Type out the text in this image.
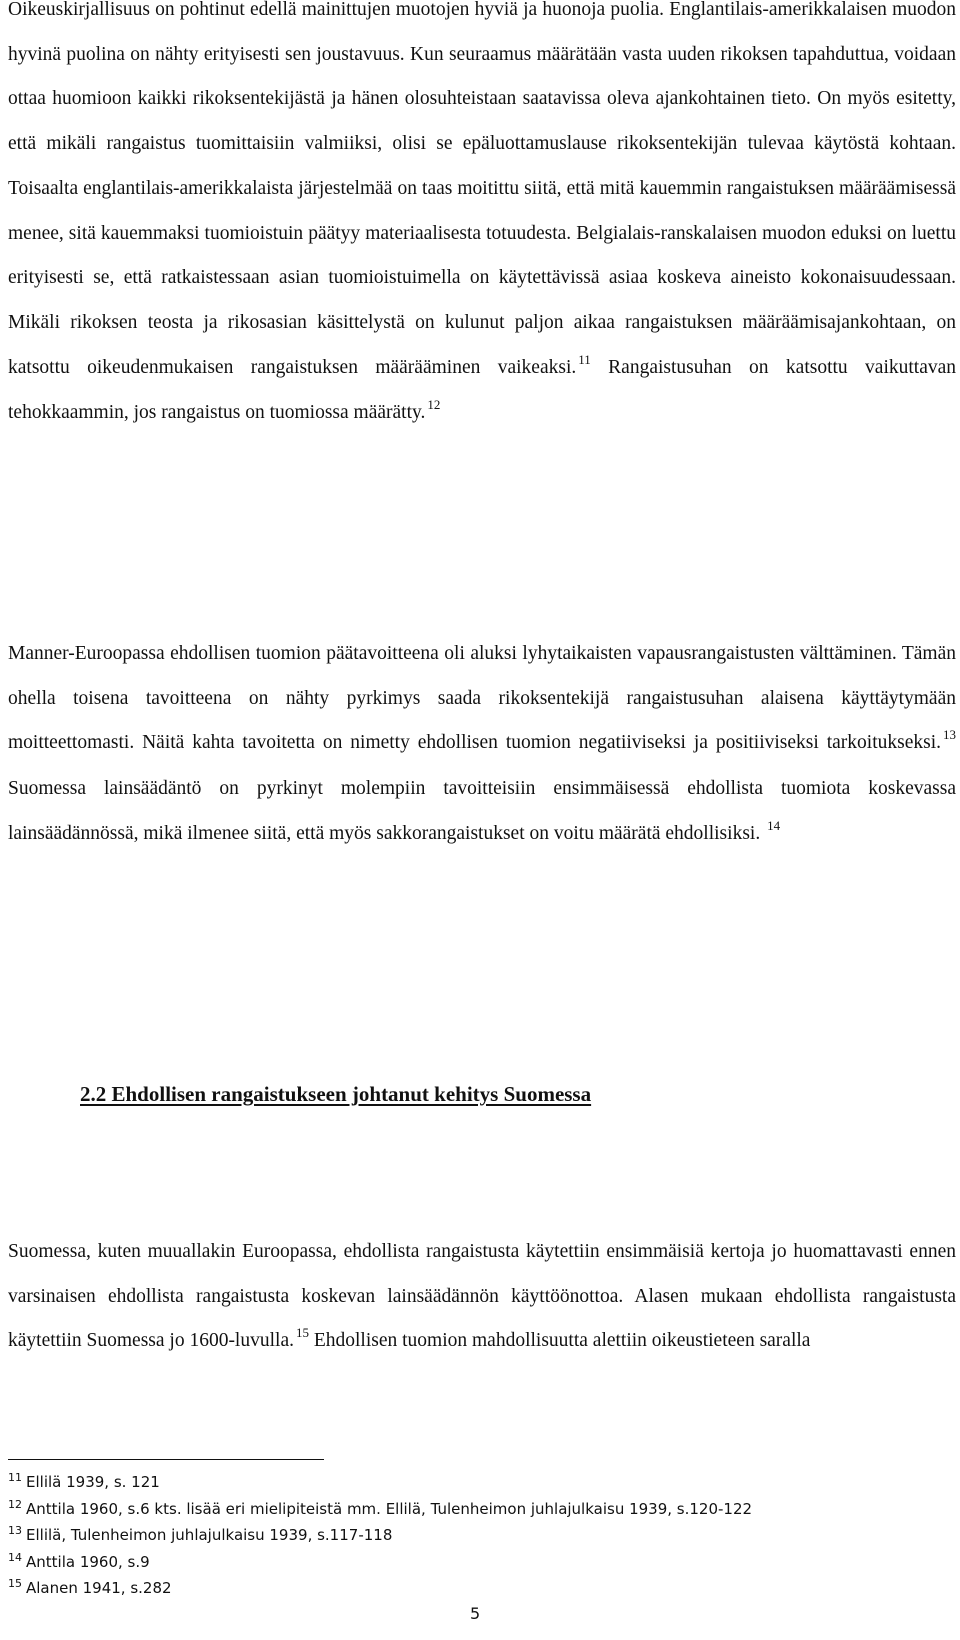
Oikeuskirjallisuus on pohtinut edellä mainittujen muotojen hyviä ja huonoja puolia. Englantilais-amerikkalaisen muodon hyvinä puolina on nähty erityisesti sen joustavuus. Kun seuraamus määrätään vasta uuden rikoksen tapahduttua, voidaan ottaa huomioon kaikki rikoksentekijästä ja hänen olosuhteistaan saatavissa oleva ajankohtainen tieto. On myös esitetty, että mikäli rangaistus tuomittaisiin valmiiksi, olisi se epäluottamuslause rikoksentekijän tulevaa käytöstä kohtaan. Toisaalta englantilais-amerikkalaista järjestelmää on taas moitittu siitä, että mitä kauemmin rangaistuksen määräämisessä menee, sitä kauemmaksi tuomioistuin päätyy materiaalisesta totuudesta. Belgialais-ranskalaisen muodon eduksi on luettu erityisesti se, että ratkaistessaan asian tuomioistuimella on käytettävissä asiaa koskeva aineisto kokonaisuudessaan. Mikäli rikoksen teosta ja rikosasian käsittelystä on kulunut paljon aikaa rangaistuksen määräämisajankohtaan, on katsottu oikeudenmukaisen rangaistuksen määrääminen vaikeaksi. $^{11}$ Rangaistusuhan on katsottu vaikuttavan tehokkaammin, jos rangaistus on tuomiossa määrätty. $^{12}$

Manner-Euroopassa ehdollisen tuomion päätavoitteena oli aluksi lyhytaikaisten vapausrangaistusten välttäminen. Tämän ohella toisena tavoitteena on nähty pyrkimys saada rikoksentekijä rangaistusuhan alaisena käyttäytymään moitteettomasti. Näitä kahta tavoitetta on nimetty ehdollisen tuomion negatiiviseksi ja positiiviseksi tarkoitukseksi. $^{13}$ Suomessa lainsäädäntö on pyrkinyt molempiin tavoitteisiin ensimmäisessä ehdollista tuomiota koskevassa lainsäädännössä, mikä ilmenee siitä, että myös sakkorangaistukset on voitu määrätä ehdollisiksi. $^{14}$

2.2 Ehdollisen rangaistukseen johtanut kehitys Suomessa

Suomessa, kuten muuallakin Euroopassa, ehdollista rangaistusta käytettiin ensimmäisiä kertoja jo huomattavasti ennen varsinaisen ehdollista rangaistusta koskevan lainsäädännön käyttöönottoa. Alasen mukaan ehdollista rangaistusta käytettiin Suomessa jo 1600-luvulla. $^{15}$ Ehdollisen tuomion mahdollisuutta alettiin oikeustieteen saralla

$^{11}$ Ellilä 1939, s. 121
$^{12}$ Anttila 1960, s.6 kts. lisää eri mielipiteistä mm. Ellilä, Tulenheimon juhlajulkaisu 1939, s.120-122
$^{13}$ Ellilä, Tulenheimon juhlajulkaisu 1939, s.117-118
$^{14}$ Anttila 1960, s.9
$^{15}$ Alanen 1941, s.282
5
